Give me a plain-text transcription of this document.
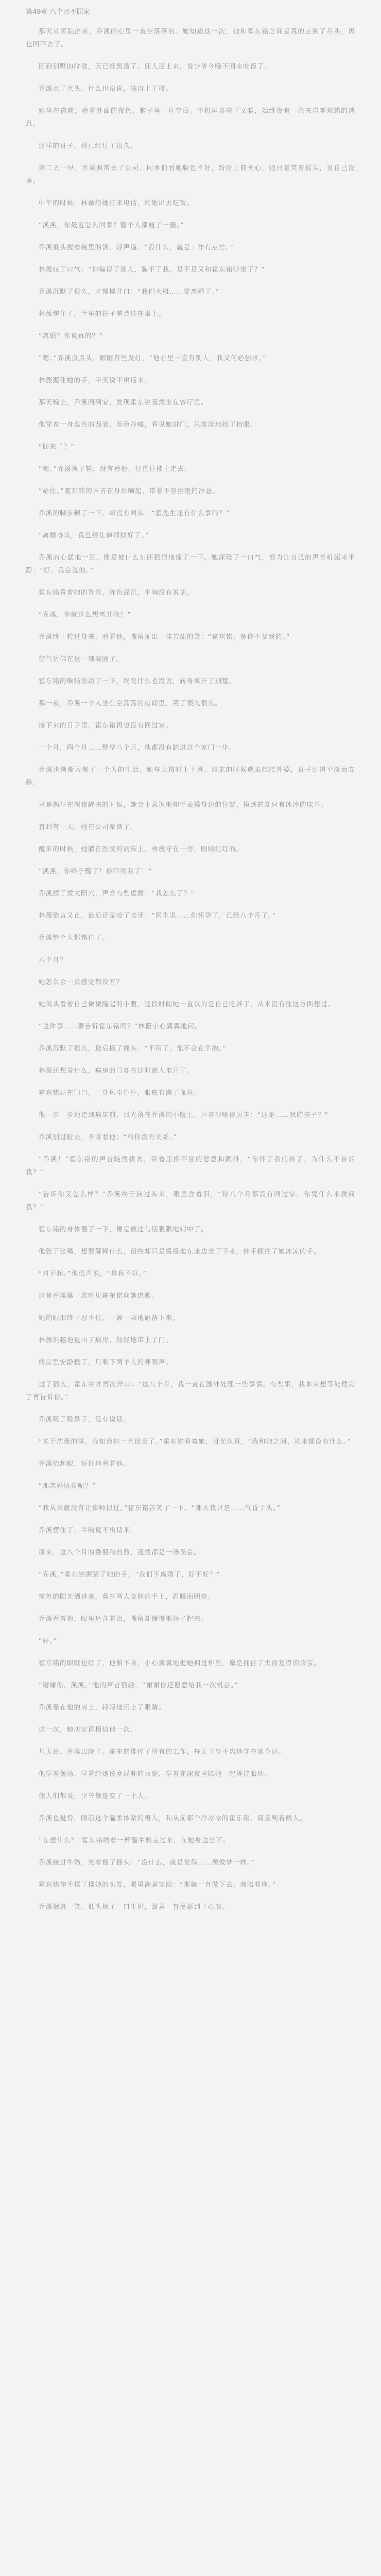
第49章 八个月不回家

那天从医院出来，乔溪的心里一直空落落的。她知道这一次，她和霍东铭之间是真的走到了尽头，再也回不去了。

回到别墅的时候，天已经黑透了。佣人迎上来，说少爷今晚不回来吃饭了。

乔溪点了点头，什么也没说，独自上了楼。

她坐在窗前，看着外面的夜色，脑子里一片空白。手机屏幕亮了又暗，始终没有一条来自霍东铭的消息。

这样的日子，她已经过了很久。

第二天一早，乔溪照常去了公司。同事们看她脸色不好，纷纷上前关心，她只是笑着摇头，说自己没事。

中午的时候，林薇给她打来电话，约她出去吃饭。

“溪溪，你最近怎么回事？整个人都瘦了一圈。”

乔溪低头搅着碗里的汤，轻声道：“没什么，就是工作有点忙。”

林薇叹了口气：“你骗得了别人，骗不了我。是不是又和霍东铭吵架了？”

乔溪沉默了很久，才慢慢开口：“我们大概……要离婚了。”

林薇愣住了，手里的筷子差点掉在桌上。

“离婚？你说真的？”

“嗯。”乔溪点点头，眼眶有些发红，“他心里一直有别人，我又何必强求。”

林薇握住她的手，半天说不出话来。

那天晚上，乔溪回到家，发现霍东铭竟然坐在客厅里。

他穿着一身黑色的西装，脸色冷峻，看见她进门，只淡淡地抬了抬眼。

“回来了？”

“嗯。”乔溪换了鞋，没有看他，径直往楼上走去。

“站住。”霍东铭的声音在身后响起，带着不容拒绝的冷意。

乔溪的脚步顿了一下，却没有回头：“霍先生还有什么事吗？”

“离婚协议，我已经让律师拟好了。”

乔溪的心猛地一沉，像是被什么东西狠狠地撞了一下。她深吸了一口气，努力让自己的声音听起来平静：“好，我会签的。”

霍东铭看着她的背影，眸色深沉，半晌没有说话。

“乔溪，你就这么想离开我？”

乔溪终于转过身来，看着他，嘴角扯出一抹苦涩的笑：“霍东铭，是你不要我的。”

空气仿佛在这一刻凝固了。

霍东铭的喉结滚动了一下，终究什么也没说，转身离开了别墅。

那一夜，乔溪一个人坐在空荡荡的房间里，哭了很久很久。

接下来的日子里，霍东铭再也没有回过家。

一个月，两个月……整整八个月，他都没有踏进这个家门一步。

乔溪也渐渐习惯了一个人的生活。她每天按时上下班，周末的时候就去陪陪外婆，日子过得平淡而安静。

只是偶尔在深夜醒来的时候，她会下意识地伸手去摸身边的位置，摸到的却只有冰冷的床单。

直到有一天，她在公司晕倒了。

醒来的时候，她躺在医院的病床上，林薇守在一旁，眼睛红红的。

“溪溪，你终于醒了！你吓死我了！”

乔溪揉了揉太阳穴，声音有些虚弱：“我怎么了？”

林薇欲言又止，最后还是咬了咬牙：“医生说……你怀孕了，已经八个月了。”

乔溪整个人都愣住了。

八个月？

她怎么会一点感觉都没有？

她低头看着自己微微隆起的小腹，这段时间她一直以为是自己吃胖了，从来没有往这方面想过。

“这件事……要告诉霍东铭吗？”林薇小心翼翼地问。

乔溪沉默了很久，最后摇了摇头：“不用了。他不会在乎的。”

林薇还想说什么，病房的门却在这时被人推开了。

霍东铭站在门口，一身风尘仆仆，眼底布满了血丝。

他一步一步地走到病床前，目光落在乔溪的小腹上，声音沙哑得厉害：“这是……我的孩子？”

乔溪别过脸去，不肯看他：“和你没有关系。”

“乔溪！”霍东铭的声音陡然拔高，带着压抑不住的怒意和颤抖，“你怀了我的孩子，为什么不告诉我？”

“告诉你又怎么样？”乔溪终于转过头来，眼里含着泪，“你八个月都没有回过家，你凭什么来质问我？”

霍东铭的身体僵了一下，像是被这句话狠狠地刺中了。

他张了张嘴，想要解释什么，最终却只是缓缓地在床边坐了下来，伸手握住了她冰凉的手。

“对不起。”他低声说，“是我不好。”

这是乔溪第一次听见霍东铭向她道歉。

她的眼泪终于忍不住，一颗一颗地砸落下来。

林薇识趣地退出了病房，轻轻地带上了门。

病房里安静极了，只剩下两个人的呼吸声。

过了很久，霍东铭才再次开口：“这八个月，我一直在国外处理一些事情。有些事，我本来想等处理完了再告诉你。”

乔溪吸了吸鼻子，没有说话。

“关于沈薇的事，我知道你一直误会了。”霍东铭看着她，目光认真，“我和她之间，从来都没有什么。”

乔溪抬起眼，怔怔地看着他。

“那离婚协议呢？”

“我从来就没有让律师拟过。”霍东铭苦笑了一下，“那天我只是……气昏了头。”

乔溪愣住了，半晌说不出话来。

原来，这八个月的委屈和煎熬，竟然都是一场误会。

“乔溪，”霍东铭握紧了她的手，“我们不离婚了，好不好？”

窗外的阳光洒进来，落在两人交握的手上，温暖而明亮。

乔溪看着他，眼里还含着泪，嘴角却慢慢地扬了起来。

“好。”

霍东铭的眼眶也红了，他俯下身，小心翼翼地把她拥进怀里，像是拥住了失而复得的珍宝。

“谢谢你，溪溪。”他的声音很轻，“谢谢你还愿意给我一次机会。”

乔溪靠在他的肩上，轻轻地闭上了眼睛。

这一次，她决定再相信他一次。

几天后，乔溪出院了。霍东铭推掉了所有的工作，每天寸步不离地守在她身边。

他学着煲汤，学着给她按摩浮肿的双腿，学着在深夜里陪她一起等待胎动。

佣人们都说，少爷像是变了一个人。

乔溪也觉得，眼前这个温柔体贴的男人，和从前那个冷冰冰的霍东铭，简直判若两人。

“在想什么？”霍东铭端着一杯温牛奶走过来，在她身边坐下。

乔溪接过牛奶，笑着摇了摇头：“没什么，就是觉得……像做梦一样。”

霍东铭伸手揉了揉她的头发，眼里满是宠溺：“那就一直做下去，我陪着你。”

乔溪抿唇一笑，低头抿了一口牛奶，甜意一直蔓延到了心底。
